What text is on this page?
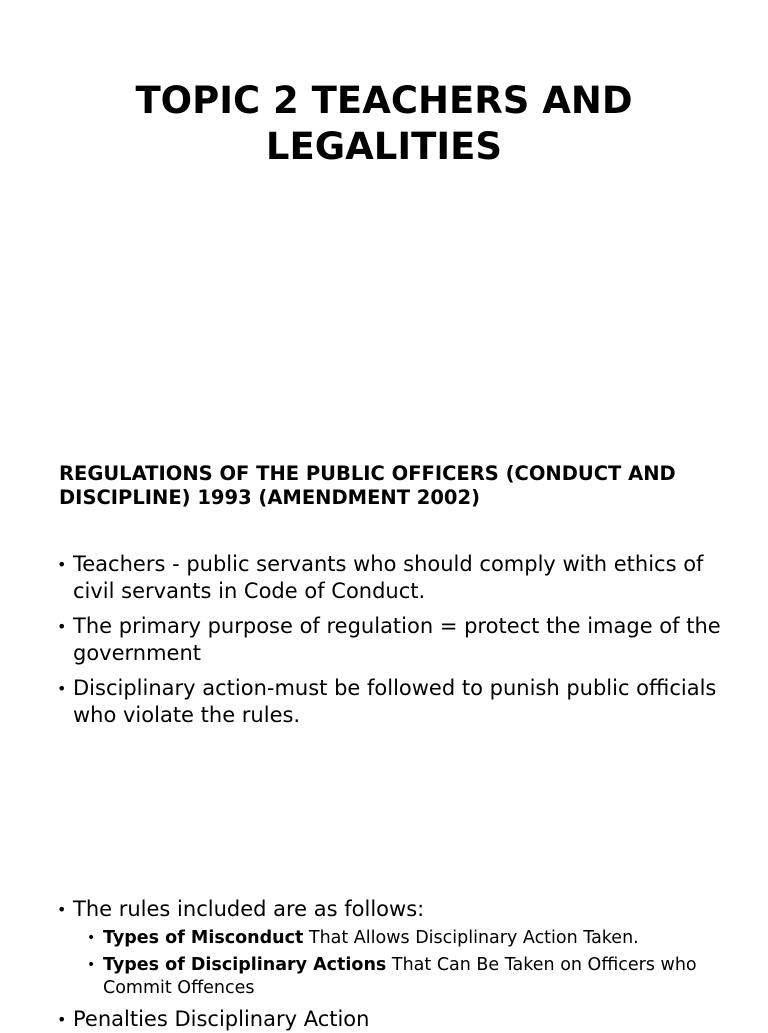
TOPIC 2 TEACHERS AND LEGALITIES
REGULATIONS OF THE PUBLIC OFFICERS (CONDUCT AND DISCIPLINE) 1993 (AMENDMENT 2002)
• Teachers - public servants who should comply with ethics of civil servants in Code of Conduct.
• The primary purpose of regulation = protect the image of the government
• Disciplinary action-must be followed to punish public officials who violate the rules.
• The rules included are as follows:
• Types of Misconduct That Allows Disciplinary Action Taken.
• Types of Disciplinary Actions That Can Be Taken on Officers who Commit Offences
• Penalties Disciplinary Action
